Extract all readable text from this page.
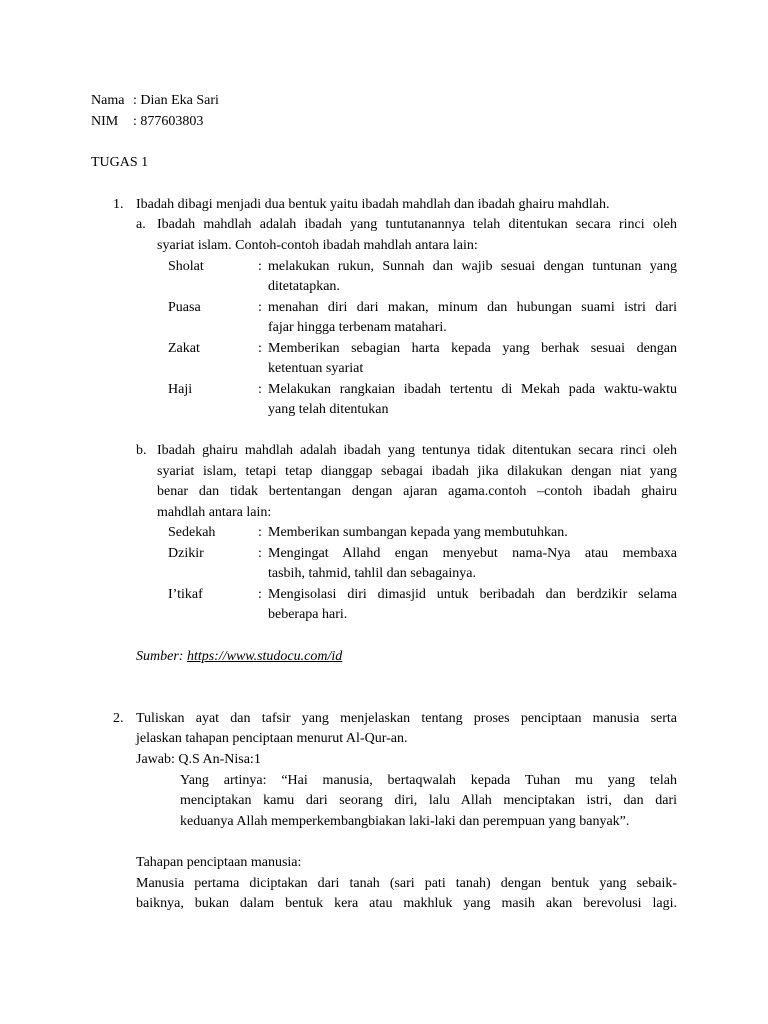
Nama : Dian Eka Sari
NIM : 877603803
TUGAS 1
1. Ibadah dibagi menjadi dua bentuk yaitu ibadah mahdlah dan ibadah ghairu mahdlah.
a. Ibadah mahdlah adalah ibadah yang tuntutanannya telah ditentukan secara rinci oleh
syariat islam. Contoh-contoh ibadah mahdlah antara lain:
Sholat	: melakukan rukun, Sunnah dan wajib sesuai dengan tuntunan yang
ditetatapkan.
Puasa	: menahan diri dari makan, minum dan hubungan suami istri dari
fajar hingga terbenam matahari.
Zakat	: Memberikan sebagian harta kepada yang berhak sesuai dengan
ketentuan syariat
Haji	: Melakukan rangkaian ibadah tertentu di Mekah pada waktu-waktu
yang telah ditentukan
b. Ibadah ghairu mahdlah adalah ibadah yang tentunya tidak ditentukan secara rinci oleh
syariat islam, tetapi tetap dianggap sebagai ibadah jika dilakukan dengan niat yang
benar dan tidak bertentangan dengan ajaran agama.contoh –contoh ibadah ghairu
mahdlah antara lain:
Sedekah	: Memberikan sumbangan kepada yang membutuhkan.
Dzikir	: Mengingat Allahd engan menyebut nama-Nya atau membaxa
tasbih, tahmid, tahlil dan sebagainya.
I’tikaf	: Mengisolasi diri dimasjid untuk beribadah dan berdzikir selama
beberapa hari.
Sumber: https://www.studocu.com/id
2. Tuliskan ayat dan tafsir yang menjelaskan tentang proses penciptaan manusia serta
jelaskan tahapan penciptaan menurut Al-Qur-an.
Jawab: Q.S An-Nisa:1
Yang artinya: “Hai manusia, bertaqwalah kepada Tuhan mu yang telah
menciptakan kamu dari seorang diri, lalu Allah menciptakan istri, dan dari
keduanya Allah memperkembangbiakan laki-laki dan perempuan yang banyak”.
Tahapan penciptaan manusia:
Manusia pertama diciptakan dari tanah (sari pati tanah) dengan bentuk yang sebaik-
baiknya, bukan dalam bentuk kera atau makhluk yang masih akan berevolusi lagi.
